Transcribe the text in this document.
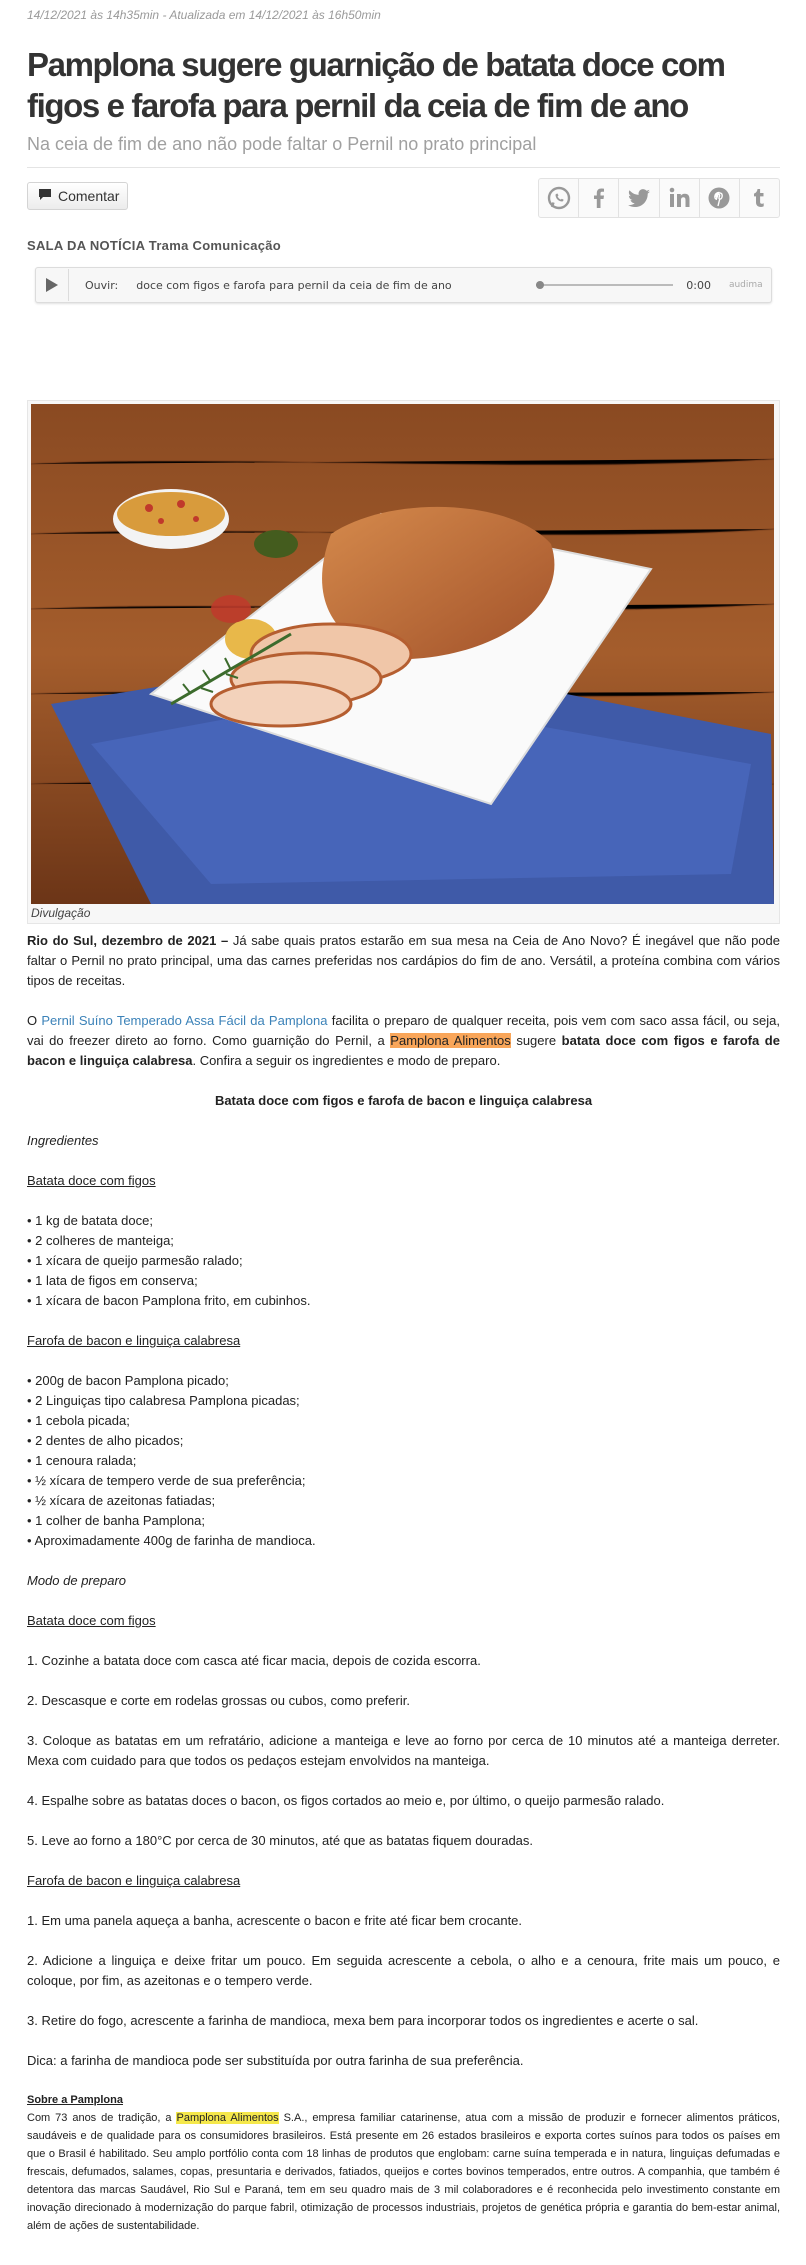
14/12/2021 às 14h35min - Atualizada em 14/12/2021 às 16h50min
Pamplona sugere guarnição de batata doce com figos e farofa para pernil da ceia de fim de ano
Na ceia de fim de ano não pode faltar o Pernil no prato principal
Comentar
SALA DA NOTÍCIA Trama Comunicação
Ouvir: doce com figos e farofa para pernil da ceia de fim de ano	0:00 audima
Divulgação

Rio do Sul, dezembro de 2021 – Já sabe quais pratos estarão em sua mesa na Ceia de Ano Novo? É inegável que não pode faltar o Pernil no prato principal, uma das carnes preferidas nos cardápios do fim de ano. Versátil, a proteína combina com vários tipos de receitas.

O Pernil Suíno Temperado Assa Fácil da Pamplona facilita o preparo de qualquer receita, pois vem com saco assa fácil, ou seja, vai do freezer direto ao forno. Como guarnição do Pernil, a Pamplona Alimentos sugere batata doce com figos e farofa de bacon e linguiça calabresa. Confira a seguir os ingredientes e modo de preparo.

Batata doce com figos e farofa de bacon e linguiça calabresa

Ingredientes

Batata doce com figos

• 1 kg de batata doce;

• 2 colheres de manteiga;

• 1 xícara de queijo parmesão ralado;

• 1 lata de figos em conserva;

• 1 xícara de bacon Pamplona frito, em cubinhos.

Farofa de bacon e linguiça calabresa

• 200g de bacon Pamplona picado;

• 2 Linguiças tipo calabresa Pamplona picadas;

• 1 cebola picada;

• 2 dentes de alho picados;

• 1 cenoura ralada;

• ½ xícara de tempero verde de sua preferência;

• ½ xícara de azeitonas fatiadas;

• 1 colher de banha Pamplona;

• Aproximadamente 400g de farinha de mandioca.

Modo de preparo

Batata doce com figos

1. Cozinhe a batata doce com casca até ficar macia, depois de cozida escorra.

2. Descasque e corte em rodelas grossas ou cubos, como preferir.

3. Coloque as batatas em um refratário, adicione a manteiga e leve ao forno por cerca de 10 minutos até a manteiga derreter. Mexa com cuidado para que todos os pedaços estejam envolvidos na manteiga.

4. Espalhe sobre as batatas doces o bacon, os figos cortados ao meio e, por último, o queijo parmesão ralado.

5. Leve ao forno a 180°C por cerca de 30 minutos, até que as batatas fiquem douradas.

Farofa de bacon e linguiça calabresa

1. Em uma panela aqueça a banha, acrescente o bacon e frite até ficar bem crocante.

2. Adicione a linguiça e deixe fritar um pouco. Em seguida acrescente a cebola, o alho e a cenoura, frite mais um pouco, e coloque, por fim, as azeitonas e o tempero verde.

3. Retire do fogo, acrescente a farinha de mandioca, mexa bem para incorporar todos os ingredientes e acerte o sal.

Dica: a farinha de mandioca pode ser substituída por outra farinha de sua preferência.

Sobre a Pamplona

Com 73 anos de tradição, a Pamplona Alimentos S.A., empresa familiar catarinense, atua com a missão de produzir e fornecer alimentos práticos, saudáveis e de qualidade para os consumidores brasileiros. Está presente em 26 estados brasileiros e exporta cortes suínos para todos os países em que o Brasil é habilitado. Seu amplo portfólio conta com 18 linhas de produtos que englobam: carne suína temperada e in natura, linguiças defumadas e frescais, defumados, salames, copas, presuntaria e derivados, fatiados, queijos e cortes bovinos temperados, entre outros. A companhia, que também é detentora das marcas Saudável, Rio Sul e Paraná, tem em seu quadro mais de 3 mil colaboradores e é reconhecida pelo investimento constante em inovação direcionado à modernização do parque fabril, otimização de processos industriais, projetos de genética própria e garantia do bem-estar animal, além de ações de sustentabilidade.
